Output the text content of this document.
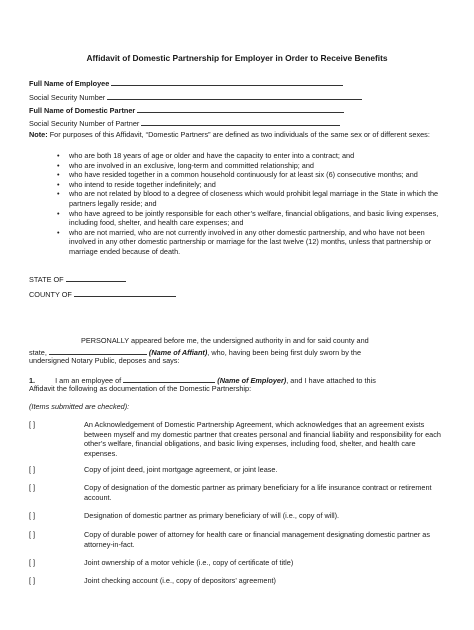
Affidavit of Domestic Partnership for Employer in Order to Receive Benefits
Full Name of Employee
Social Security Number
Full Name of Domestic Partner
Social Security Number of Partner
Note: For purposes of this Affidavit, “Domestic Partners” are defined as two individuals of the same sex or of different sexes:
• who are both 18 years of age or older and have the capacity to enter into a contract; and
• who are involved in an exclusive, long-term and committed relationship; and
• who have resided together in a common household continuously for at least six (6) consecutive months; and
• who intend to reside together indefinitely; and
• who are not related by blood to a degree of closeness which would prohibit legal marriage in the State in which the partners legally reside; and
• who have agreed to be jointly responsible for each other’s welfare, financial obligations, and basic living expenses, including food, shelter, and health care expenses; and
• who are not married, who are not currently involved in any other domestic partnership, and who have not been involved in any other domestic partnership or marriage for the last twelve (12) months, unless that partnership or marriage ended because of death.
STATE OF
COUNTY OF
PERSONALLY appeared before me, the undersigned authority in and for said county and
state,	(Name of Affiant), who, having been being first duly sworn by the
undersigned Notary Public, deposes and says:
1.	I am an employee of	(Name of Employer), and I have attached to this
Affidavit the following as documentation of the Domestic Partnership:
(Items submitted are checked):
[ ]	An Acknowledgement of Domestic Partnership Agreement, which acknowledges that an agreement exists between myself and my domestic partner that creates personal and financial liability and responsibility for each other’s welfare, financial obligations, and basic living expenses, including food, shelter, and health care expenses.
[ ]	Copy of joint deed, joint mortgage agreement, or joint lease.
[ ]	Copy of designation of the domestic partner as primary beneficiary for a life insurance contract or retirement account.
[ ]	Designation of domestic partner as primary beneficiary of will (i.e., copy of will).
[ ]	Copy of durable power of attorney for health care or financial management designating domestic partner as attorney-in-fact.
[ ]	Joint ownership of a motor vehicle (i.e., copy of certificate of title)
[ ]	Joint checking account (i.e., copy of depositors’ agreement)
